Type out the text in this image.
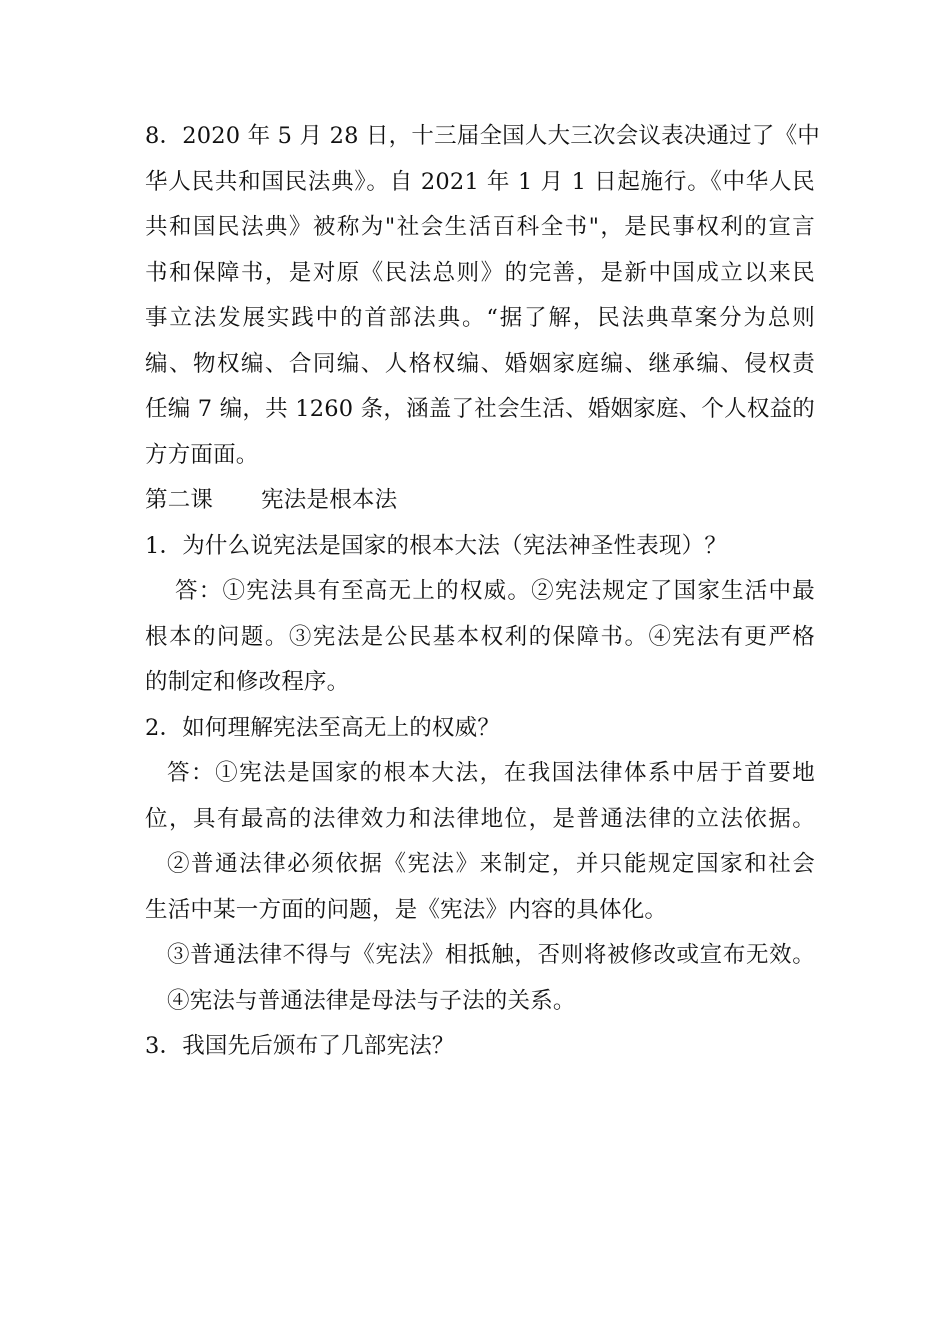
8．2020 年 5 月 28 日，十三届全国人大三次会议表决通过了《中
华人民共和国民法典》。自 2021 年 1 月 1 日起施行。《中华人民
共和国民法典》被称为"社会生活百科全书"，是民事权利的宣言
书和保障书，是对原《民法总则》的完善，是新中国成立以来民
事立法发展实践中的首部法典。“据了解，民法典草案分为总则
编、物权编、合同编、人格权编、婚姻家庭编、继承编、侵权责
任编 7 编，共 1260 条，涵盖了社会生活、婚姻家庭、个人权益的
方方面面。
第二课 宪法是根本法
1．为什么说宪法是国家的根本大法（宪法神圣性表现）？
答：①宪法具有至高无上的权威。②宪法规定了国家生活中最
根本的问题。③宪法是公民基本权利的保障书。④宪法有更严格
的制定和修改程序。
2．如何理解宪法至高无上的权威？
答：①宪法是国家的根本大法，在我国法律体系中居于首要地
位，具有最高的法律效力和法律地位，是普通法律的立法依据。
②普通法律必须依据《宪法》来制定，并只能规定国家和社会
生活中某一方面的问题，是《宪法》内容的具体化。
③普通法律不得与《宪法》相抵触，否则将被修改或宣布无效。
④宪法与普通法律是母法与子法的关系。
3．我国先后颁布了几部宪法？
